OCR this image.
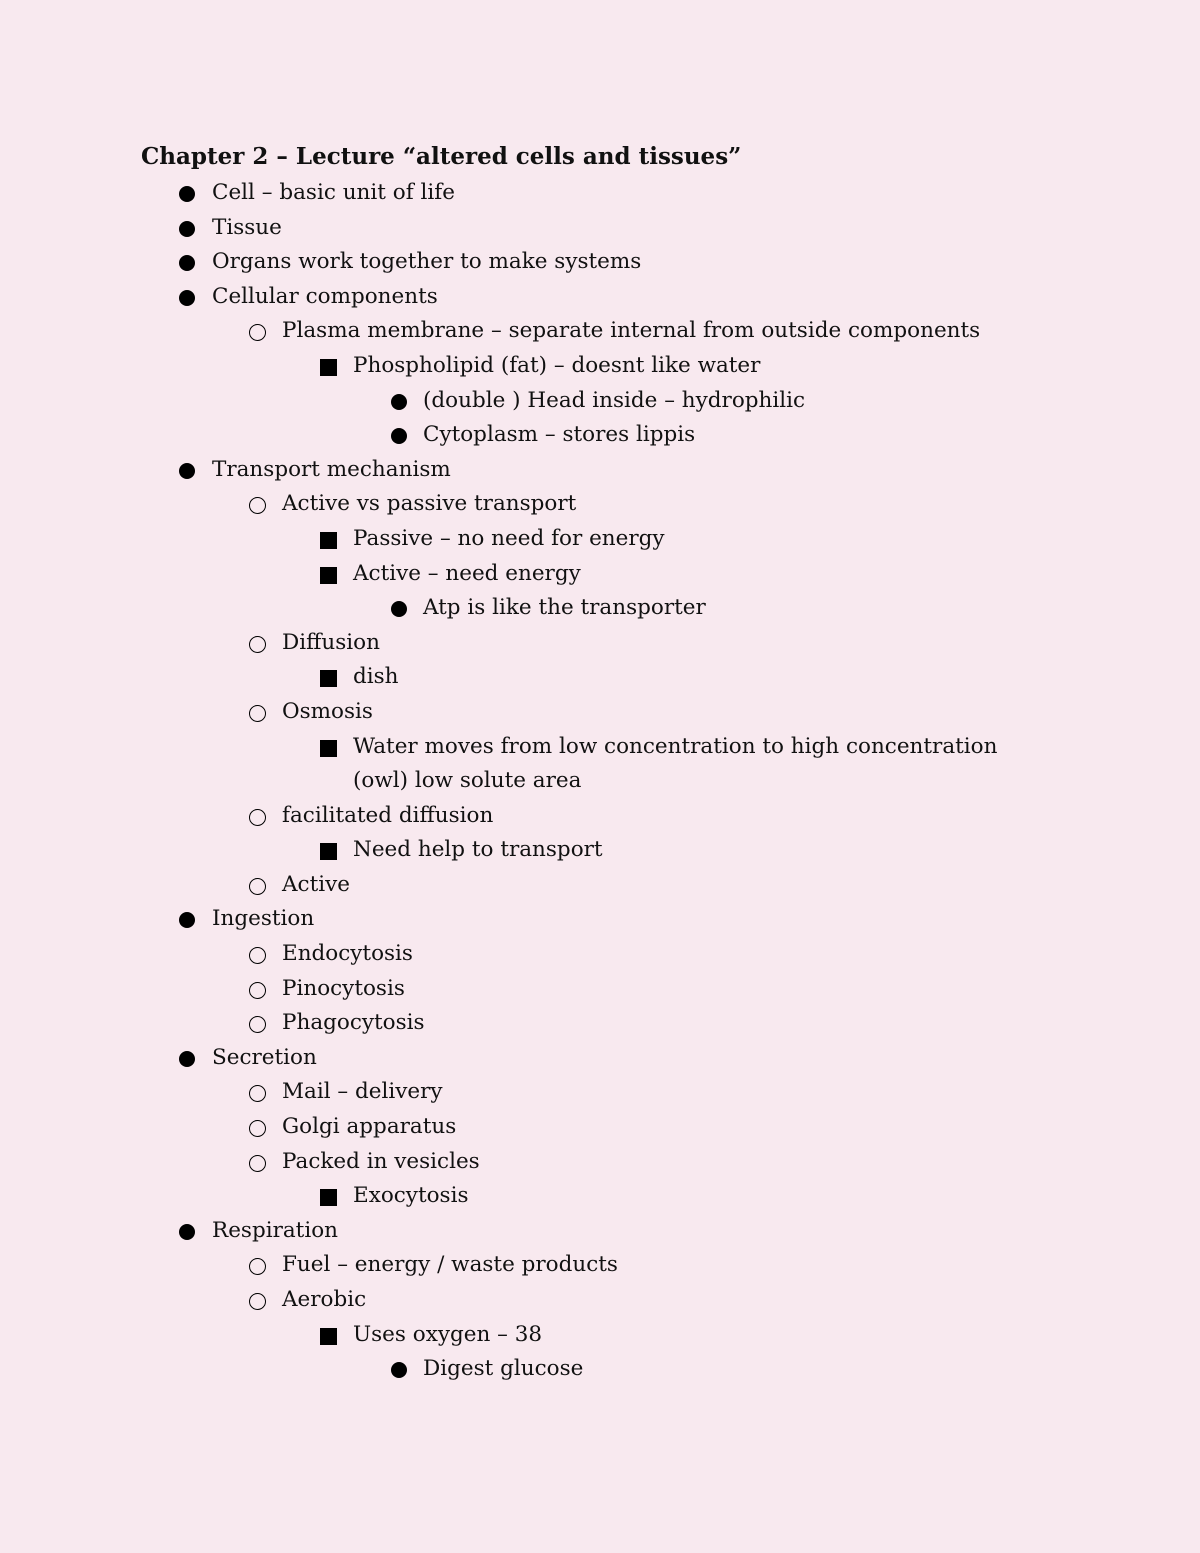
Chapter 2 – Lecture “altered cells and tissues”
Cell – basic unit of life
Tissue
Organs work together to make systems
Cellular components
Plasma membrane – separate internal from outside components
Phospholipid (fat) – doesnt like water
(double ) Head inside – hydrophilic
Cytoplasm – stores lippis
Transport mechanism
Active vs passive transport
Passive – no need for energy
Active – need energy
Atp is like the transporter
Diffusion
dish
Osmosis
Water moves from low concentration to high concentration
(owl) low solute area
facilitated diffusion
Need help to transport
Active
Ingestion
Endocytosis
Pinocytosis
Phagocytosis
Secretion
Mail – delivery
Golgi apparatus
Packed in vesicles
Exocytosis
Respiration
Fuel – energy / waste products
Aerobic
Uses oxygen – 38
Digest glucose
